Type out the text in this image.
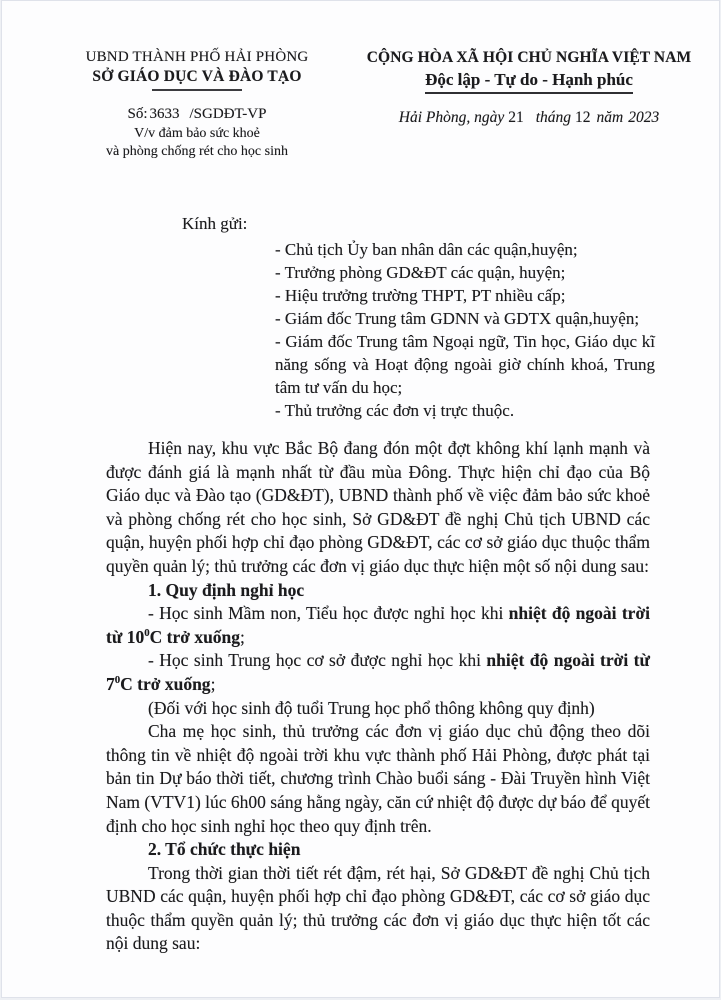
UBND THÀNH PHỐ HẢI PHÒNG
SỞ GIÁO DỤC VÀ ĐÀO TẠO
Số: 3633 /SGDĐT-VP
V/v đảm bảo sức khoẻ
và phòng chống rét cho học sinh
CỘNG HÒA XÃ HỘI CHỦ NGHĨA VIỆT NAM
Độc lập - Tự do - Hạnh phúc
Hải Phòng, ngày 21 tháng 12 năm 2023
Kính gửi:
- Chủ tịch Ủy ban nhân dân các quận,huyện;
- Trưởng phòng GD&ĐT các quận, huyện;
- Hiệu trưởng trường THPT, PT nhiều cấp;
- Giám đốc Trung tâm GDNN và GDTX quận,huyện;
- Giám đốc Trung tâm Ngoại ngữ, Tin học, Giáo dục kĩ năng sống và Hoạt động ngoài giờ chính khoá, Trung tâm tư vấn du học;
- Thủ trưởng các đơn vị trực thuộc.

Hiện nay, khu vực Bắc Bộ đang đón một đợt không khí lạnh mạnh và được đánh giá là mạnh nhất từ đầu mùa Đông. Thực hiện chỉ đạo của Bộ Giáo dục và Đào tạo (GD&ĐT), UBND thành phố về việc đảm bảo sức khoẻ và phòng chống rét cho học sinh, Sở GD&ĐT đề nghị Chủ tịch UBND các quận, huyện phối hợp chỉ đạo phòng GD&ĐT, các cơ sở giáo dục thuộc thẩm quyền quản lý; thủ trưởng các đơn vị giáo dục thực hiện một số nội dung sau:

1. Quy định nghỉ học

- Học sinh Mầm non, Tiểu học được nghỉ học khi nhiệt độ ngoài trời từ $10^0C$ trở xuống;

- Học sinh Trung học cơ sở được nghỉ học khi nhiệt độ ngoài trời từ $7^0C$ trở xuống;

(Đối với học sinh độ tuổi Trung học phổ thông không quy định)

Cha mẹ học sinh, thủ trưởng các đơn vị giáo dục chủ động theo dõi thông tin về nhiệt độ ngoài trời khu vực thành phố Hải Phòng, được phát tại bản tin Dự báo thời tiết, chương trình Chào buổi sáng - Đài Truyền hình Việt Nam (VTV1) lúc 6h00 sáng hằng ngày, căn cứ nhiệt độ được dự báo để quyết định cho học sinh nghỉ học theo quy định trên.

2. Tổ chức thực hiện

Trong thời gian thời tiết rét đậm, rét hại, Sở GD&ĐT đề nghị Chủ tịch UBND các quận, huyện phối hợp chỉ đạo phòng GD&ĐT, các cơ sở giáo dục thuộc thẩm quyền quản lý; thủ trưởng các đơn vị giáo dục thực hiện tốt các nội dung sau:
